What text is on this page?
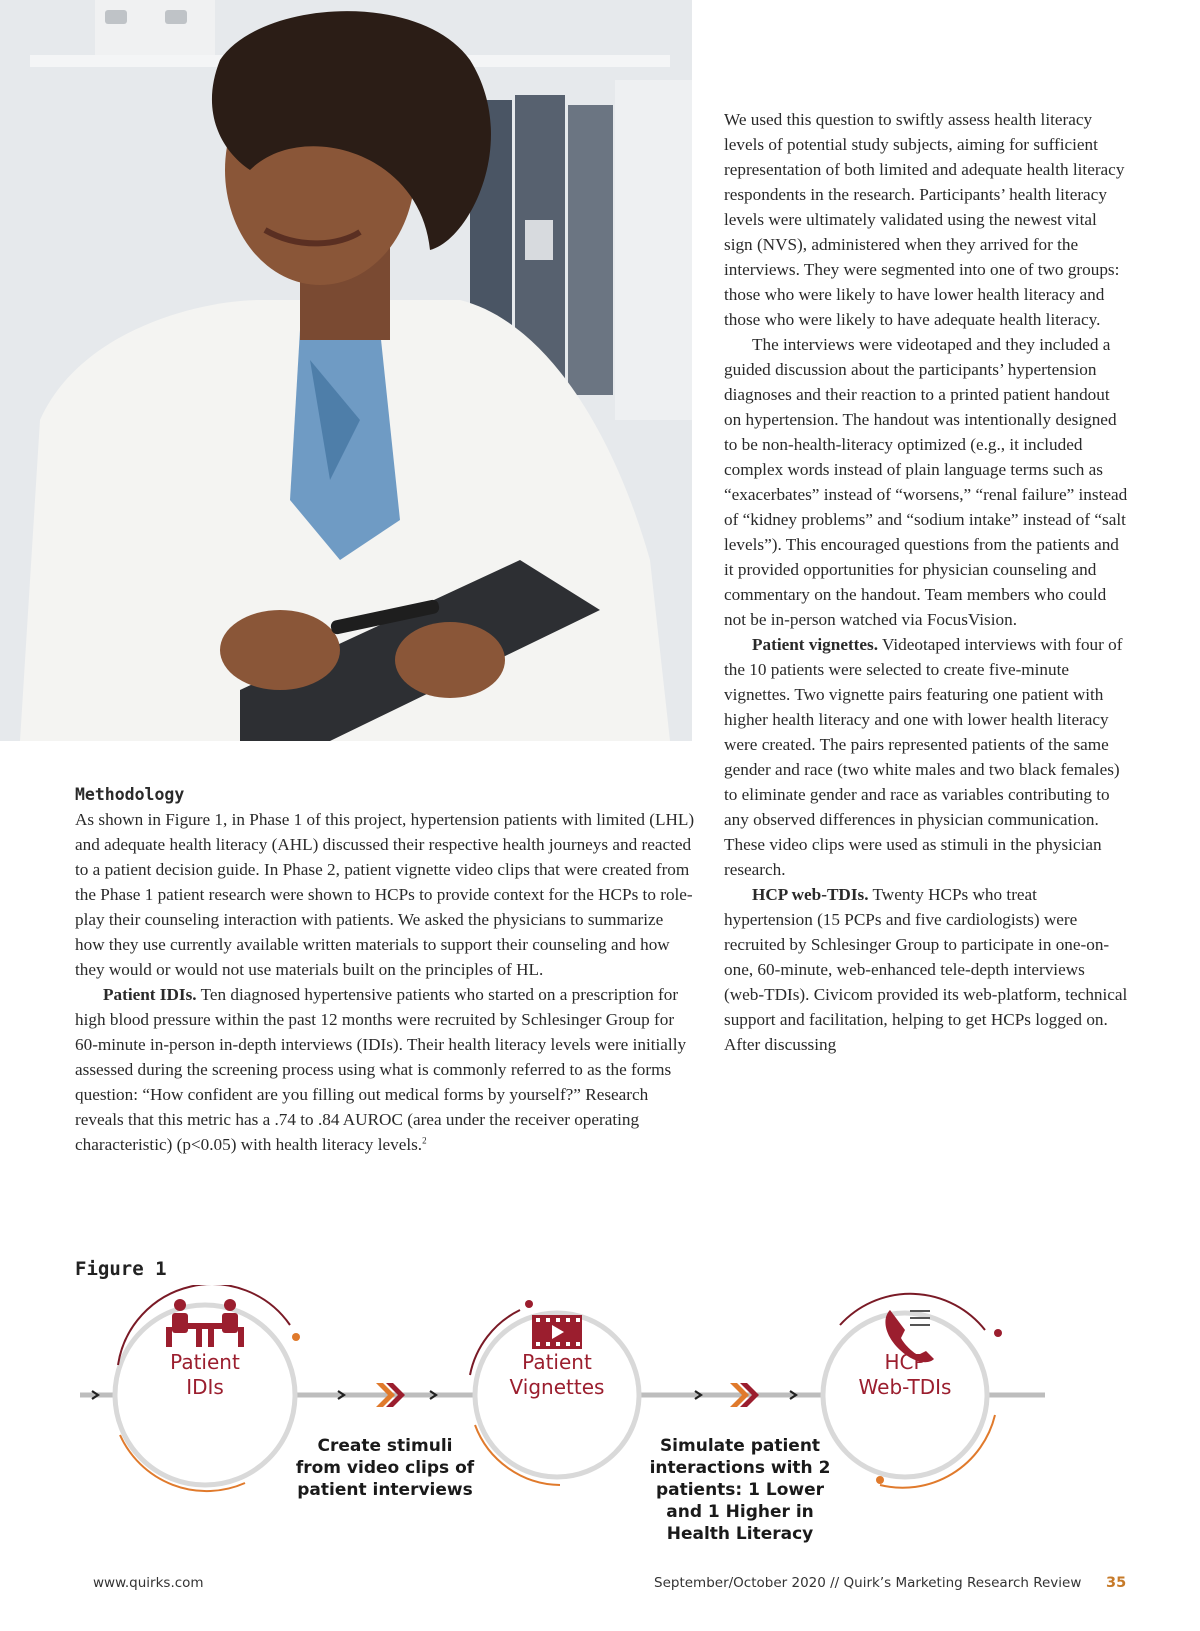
We used this question to swiftly assess health literacy levels of potential study subjects, aiming for sufficient representation of both limited and adequate health literacy respondents in the research. Participants’ health literacy levels were ultimately validated using the newest vital sign (NVS), administered when they arrived for the interviews. They were segmented into one of two groups: those who were likely to have lower health literacy and those who were likely to have adequate health literacy.

The interviews were videotaped and they included a guided discussion about the participants’ hypertension diagnoses and their reaction to a printed patient handout on hypertension. The handout was intentionally designed to be non-health-literacy optimized (e.g., it included complex words instead of plain language terms such as “exacerbates” instead of “worsens,” “renal failure” instead of “kidney problems” and “sodium intake” instead of “salt levels”). This encouraged questions from the patients and it provided opportunities for physician counseling and commentary on the handout. Team members who could not be in-person watched via FocusVision.

Patient vignettes. Videotaped interviews with four of the 10 patients were selected to create five-minute vignettes. Two vignette pairs featuring one patient with higher health literacy and one with lower health literacy were created. The pairs represented patients of the same gender and race (two white males and two black females) to eliminate gender and race as variables contributing to any observed differences in physician communication. These video clips were used as stimuli in the physician research.

HCP web-TDIs. Twenty HCPs who treat hypertension (15 PCPs and five cardiologists) were recruited by Schlesinger Group to participate in one-on-one, 60-minute, web-enhanced tele-depth interviews (web-TDIs). Civicom provided its web-platform, technical support and facilitation, helping to get HCPs logged on. After discussing

Methodology

As shown in Figure 1, in Phase 1 of this project, hypertension patients with limited (LHL) and adequate health literacy (AHL) discussed their respective health journeys and reacted to a patient decision guide. In Phase 2, patient vignette video clips that were created from the Phase 1 patient research were shown to HCPs to provide context for the HCPs to role-play their counseling interaction with patients. We asked the physicians to summarize how they use currently available written materials to support their counseling and how they would or would not use materials built on the principles of HL.

Patient IDIs. Ten diagnosed hypertensive patients who started on a prescription for high blood pressure within the past 12 months were recruited by Schlesinger Group for 60-minute in-person in-depth interviews (IDIs). Their health literacy levels were initially assessed during the screening process using what is commonly referred to as the forms question: “How confident are you filling out medical forms by yourself?” Research reveals that this metric has a .74 to .84 AUROC (area under the receiver operating characteristic) (p<0.05) with health literacy levels.$^2$

Figure 1
Patient
IDIs
Patient
Vignettes
HCP
Web-TDIs
Create stimuli
from video clips of
patient interviews
Simulate patient
interactions with 2
patients: 1 Lower
and 1 Higher in
Health Literacy
www.quirks.com	September/October 2020 // Quirk’s Marketing Research Review 35
